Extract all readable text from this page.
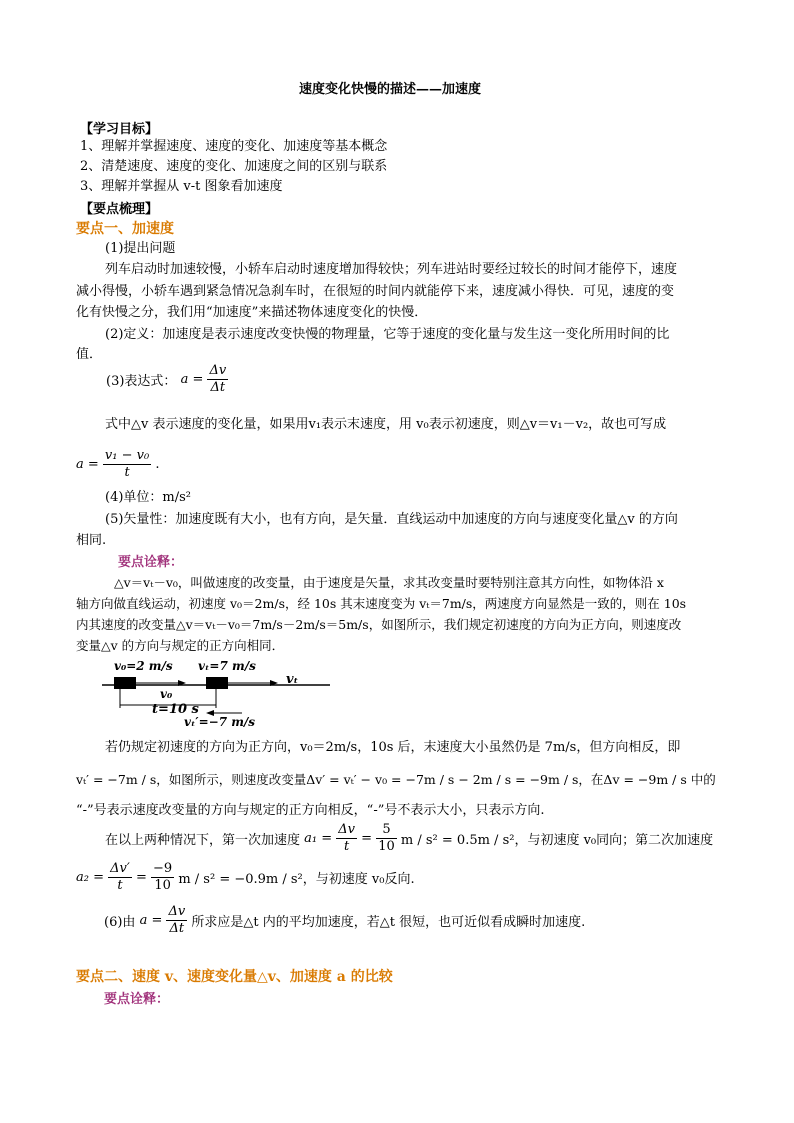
速度变化快慢的描述——加速度
【学习目标】
1、理解并掌握速度、速度的变化、加速度等基本概念
2、清楚速度、速度的变化、加速度之间的区别与联系
3、理解并掌握从 v-t 图象看加速度
【要点梳理】
要点一、加速度
(1)提出问题
列车启动时加速较慢，小轿车启动时速度增加得较快；列车进站时要经过较长的时间才能停下，速度
减小得慢，小轿车遇到紧急情况急刹车时，在很短的时间内就能停下来，速度减小得快．可见，速度的变
化有快慢之分，我们用“加速度”来描述物体速度变化的快慢．
(2)定义：加速度是表示速度改变快慢的物理量，它等于速度的变化量与发生这一变化所用时间的比
值．
(3)表达式： $a = \frac{\Delta v}{\Delta t}$
式中△v 表示速度的变化量，如果用v₁表示末速度，用 v₀表示初速度，则△v＝v₁－v₂，故也可写成
$a = \frac{\text{v₁ − v₀}}{t}$ .
(4)单位：m/s²
(5)矢量性：加速度既有大小，也有方向，是矢量．直线运动中加速度的方向与速度变化量△v 的方向
相同.
要点诠释：
△v＝vₜ－v₀，叫做速度的改变量，由于速度是矢量，求其改变量时要特别注意其方向性，如物体沿 x
轴方向做直线运动，初速度 v₀＝2m/s，经 10s 其末速度变为 vₜ＝7m/s，两速度方向显然是一致的，则在 10s
内其速度的改变量△v＝vₜ－v₀＝7m/s－2m/s＝5m/s，如图所示，我们规定初速度的方向为正方向，则速度改
变量△v 的方向与规定的正方向相同．
v₀=2 m/s vₜ=7 m/s
v₀
vₜ
t=10 s
vₜ′=−7 m/s
若仍规定初速度的方向为正方向，v₀＝2m/s，10s 后，末速度大小虽然仍是 7m/s，但方向相反，即
vₜ′ = −7m / s，如图所示，则速度改变量Δv′ = vₜ′ − v₀ = −7m / s − 2m / s = −9m / s，在Δv = −9m / s 中的
“-”号表示速度改变量的方向与规定的正方向相反，“-”号不表示大小，只表示方向.
在以上两种情况下，第一次加速度 $a_1 = \frac{\Delta v}{t} = \frac{5}{10}$ m / s² = 0.5m / s²，与初速度 v₀同向；第二次加速度
$a_2 = \frac{\Delta v'}{t} = \frac{-9}{10}$ m / s² = −0.9m / s²，与初速度 v₀反向.
(6)由 $a = \frac{\Delta v}{\Delta t}$ 所求应是△t 内的平均加速度，若△t 很短，也可近似看成瞬时加速度.
要点二、速度 v、速度变化量△v、加速度 a 的比较
要点诠释：
